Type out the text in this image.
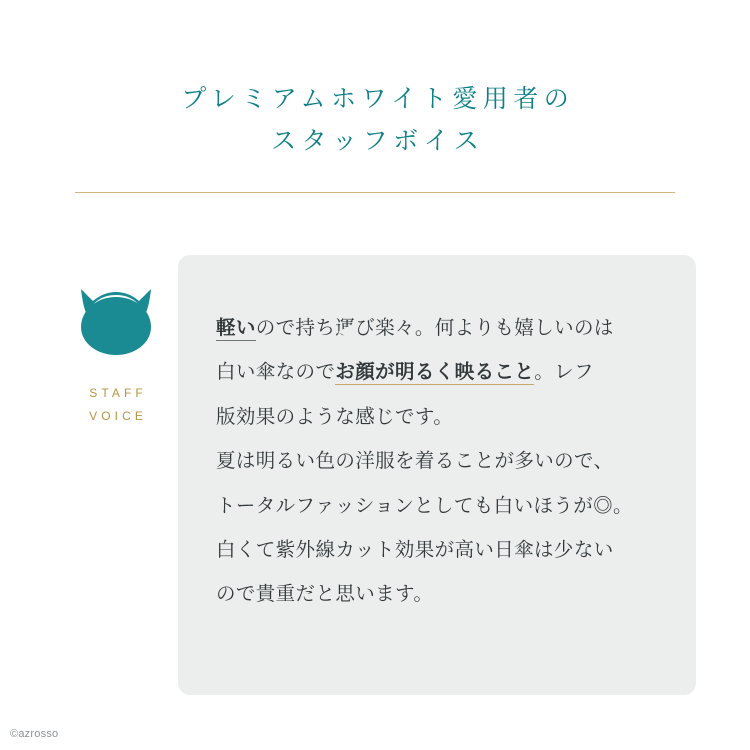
プレミアムホワイト愛用者の
スタッフボイス
STAFF
VOICE

軽いので持ち運び楽々。何よりも嬉しいのは

白い傘なのでお顔が明るく映ること。レフ

版効果のような感じです。

夏は明るい色の洋服を着ることが多いので、

トータルファッションとしても白いほうが◎。

白くて紫外線カット効果が高い日傘は少ない

ので貴重だと思います。

©azrosso
